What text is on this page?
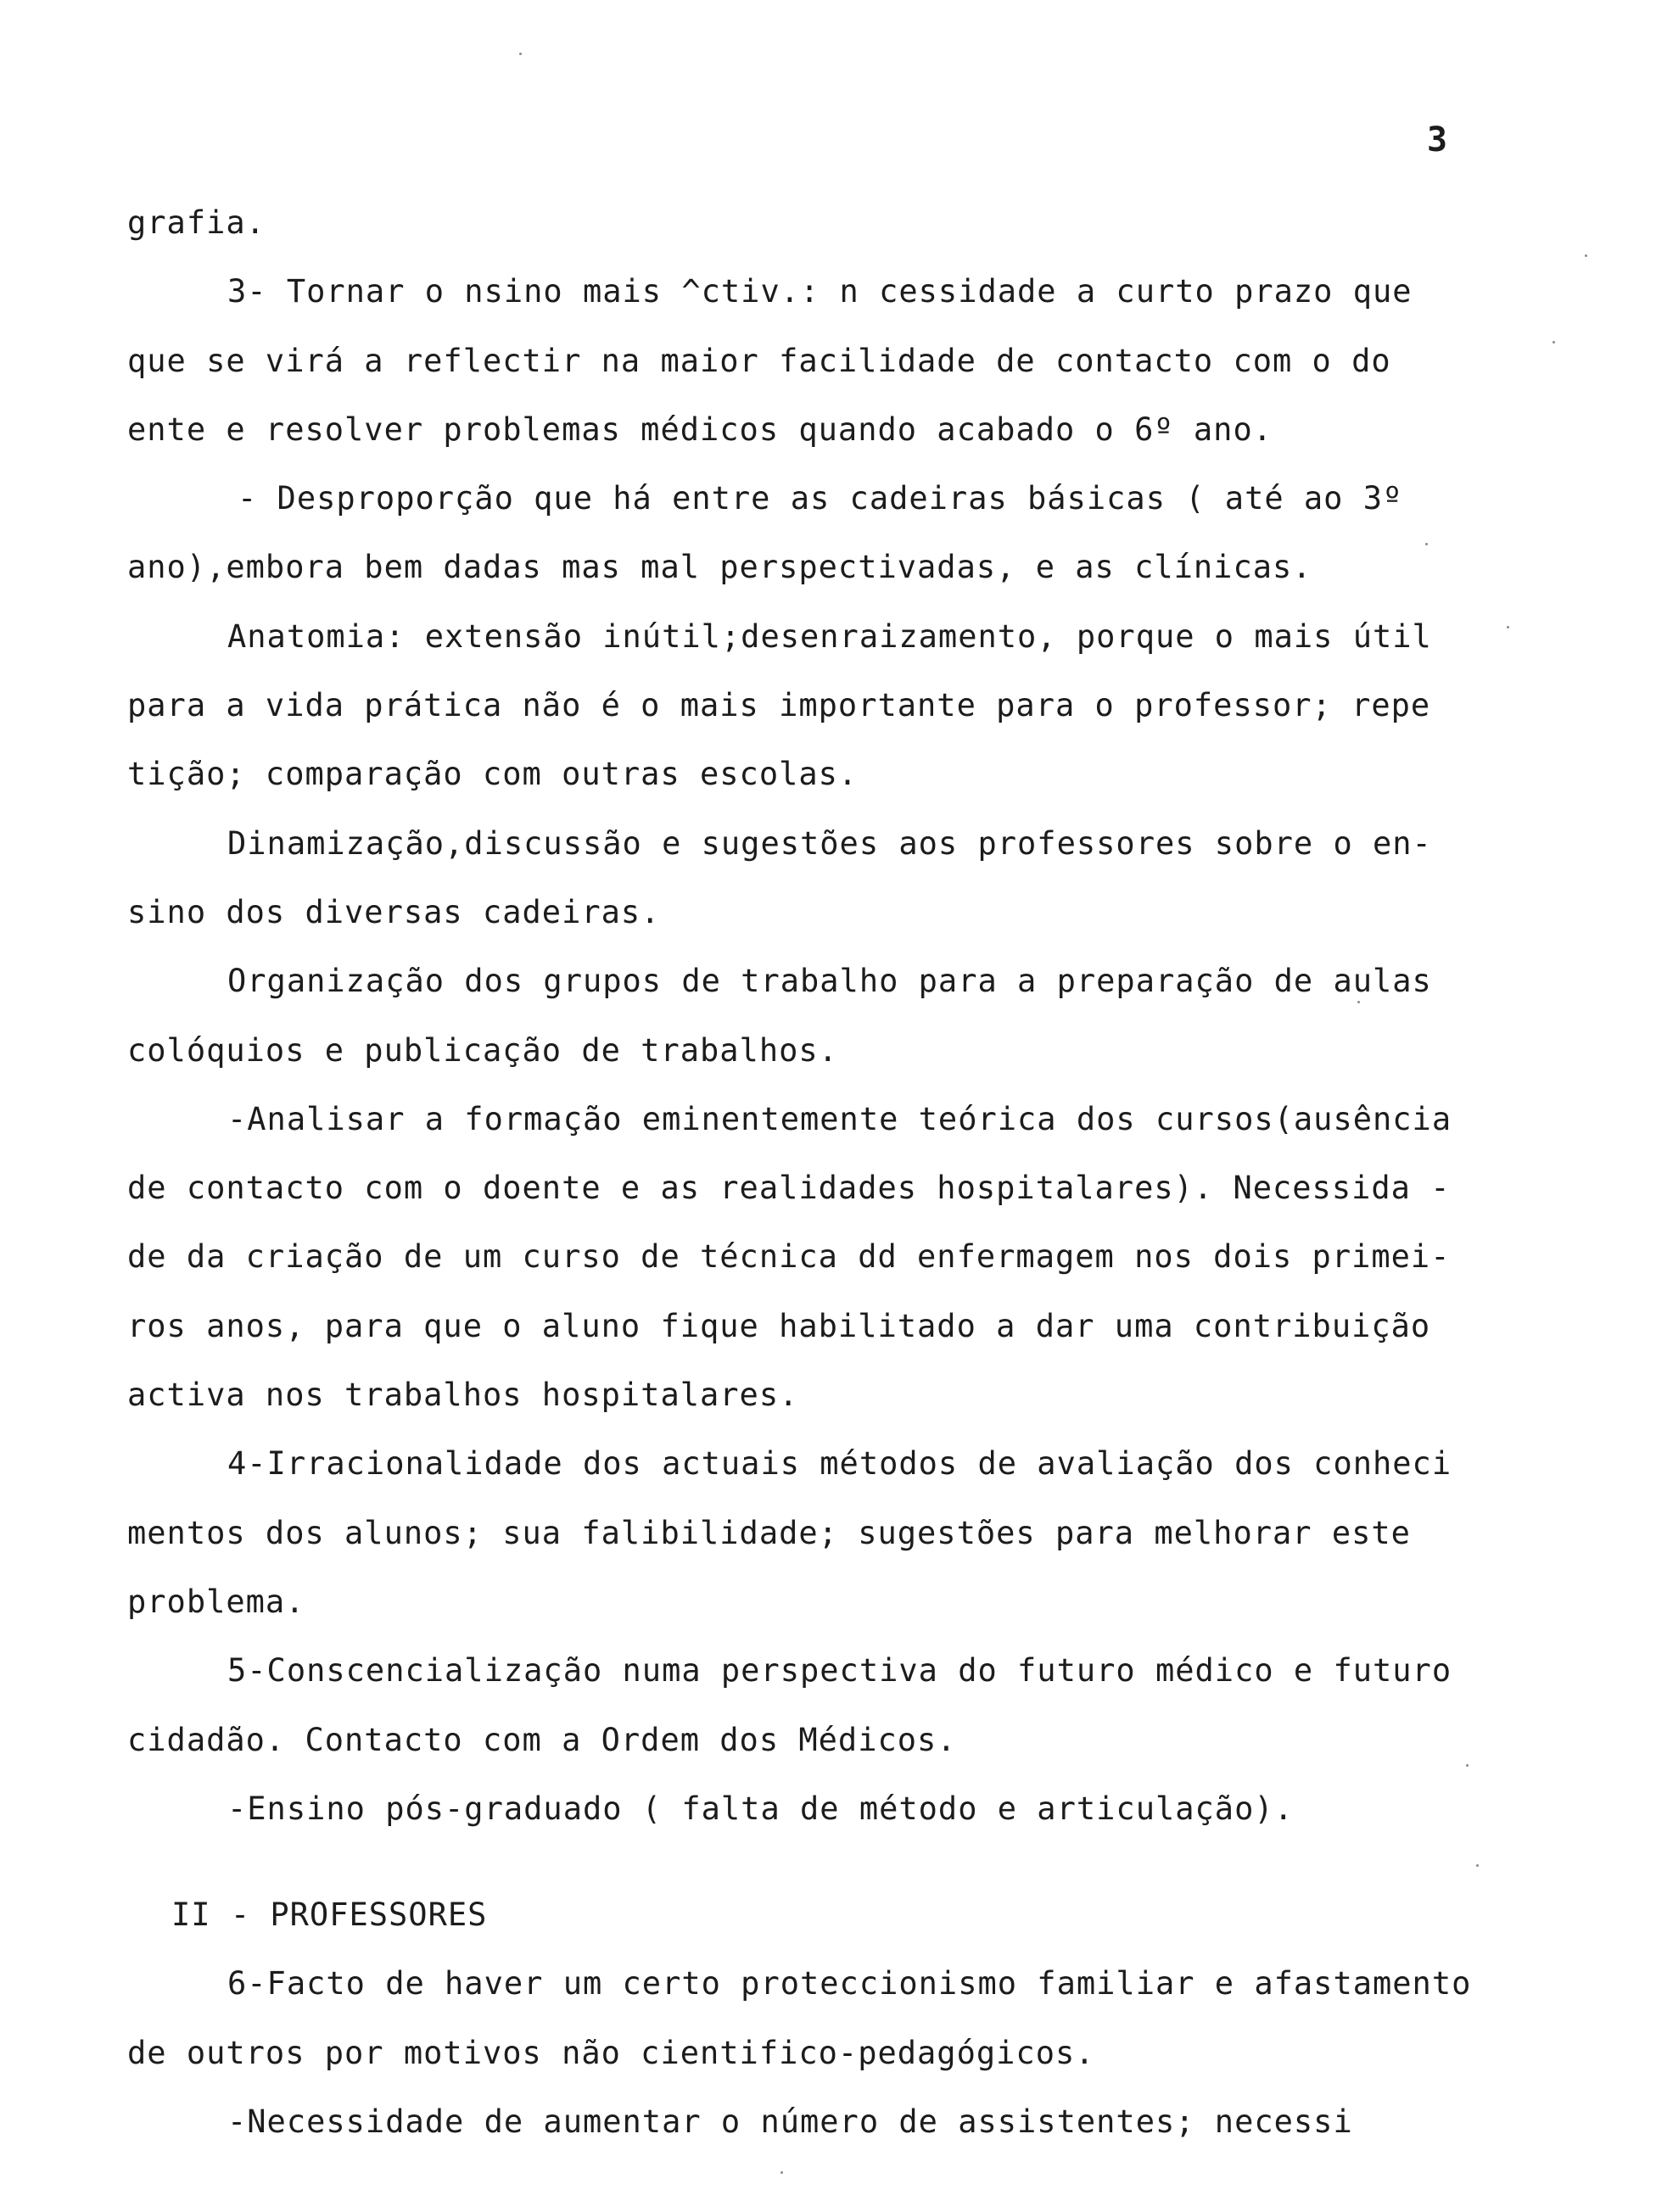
3
grafia.
3- Tornar o nsino mais ^ctiv.: n cessidade a curto prazo que
que se virá a reflectir na maior facilidade de contacto com o do
ente e resolver problemas médicos quando acabado o 6º ano.
- Desproporção que há entre as cadeiras básicas ( até ao 3º
ano),embora bem dadas mas mal perspectivadas, e as clínicas.
Anatomia: extensão inútil;desenraizamento, porque o mais útil
para a vida prática não é o mais importante para o professor; repe
tição; comparação com outras escolas.
Dinamização,discussão e sugestões aos professores sobre o en-
sino dos diversas cadeiras.
Organização dos grupos de trabalho para a preparação de aulas
colóquios e publicação de trabalhos.
-Analisar a formação eminentemente teórica dos cursos(ausência
de contacto com o doente e as realidades hospitalares). Necessida -
de da criação de um curso de técnica dd enfermagem nos dois primei-
ros anos, para que o aluno fique habilitado a dar uma contribuição
activa nos trabalhos hospitalares.
4-Irracionalidade dos actuais métodos de avaliação dos conheci
mentos dos alunos; sua falibilidade; sugestões para melhorar este
problema.
5-Conscencialização numa perspectiva do futuro médico e futuro
cidadão. Contacto com a Ordem dos Médicos.
-Ensino pós-graduado ( falta de método e articulação).
II - PROFESSORES
6-Facto de haver um certo proteccionismo familiar e afastamento
de outros por motivos não cientifico-pedagógicos.
-Necessidade de aumentar o número de assistentes; necessi
